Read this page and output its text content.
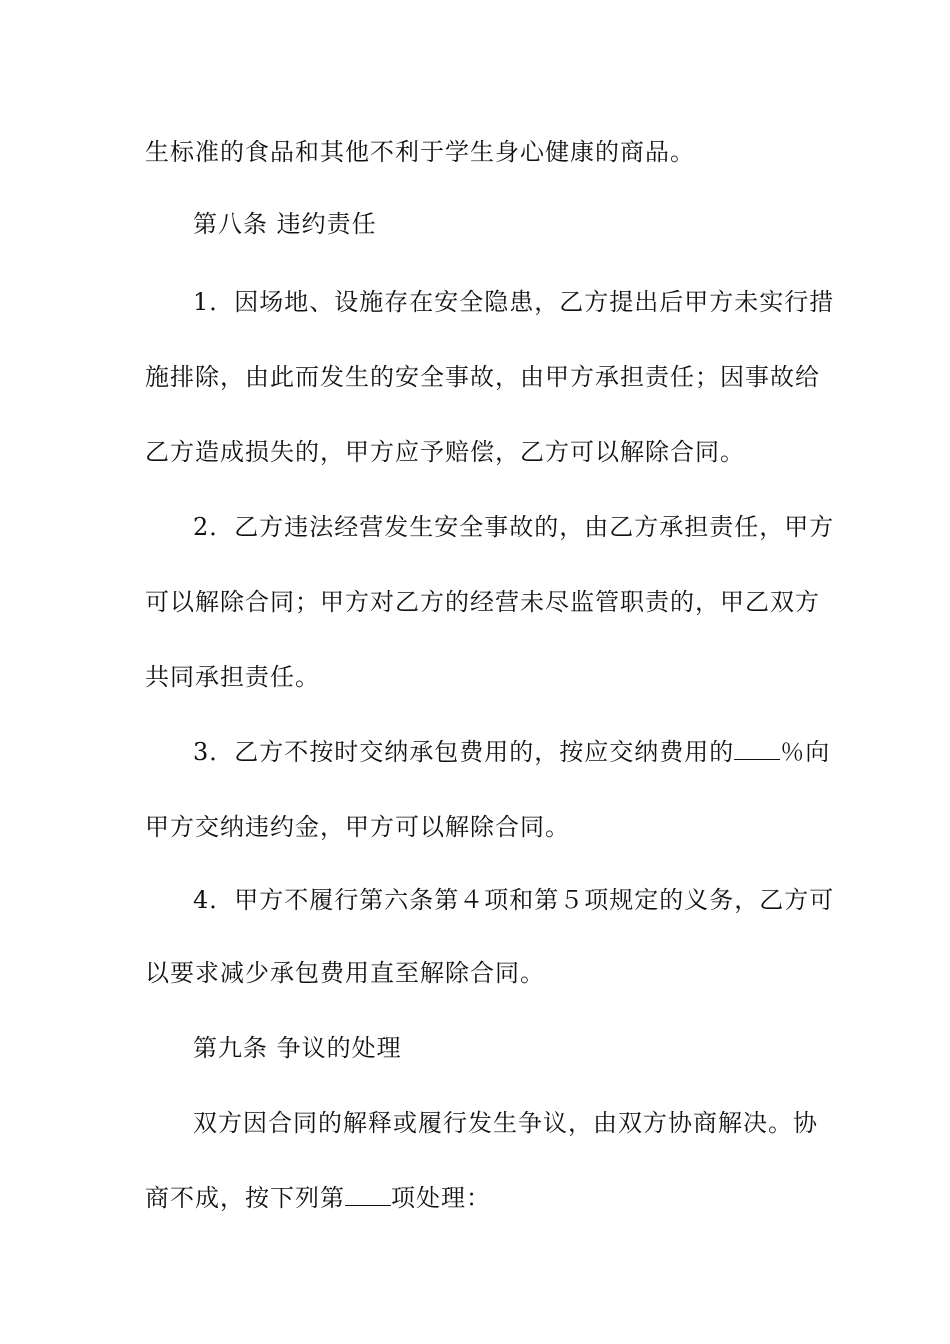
生标准的食品和其他不利于学生身心健康的商品。
第八条 违约责任
1．因场地、设施存在安全隐患，乙方提出后甲方未实行措
施排除，由此而发生的安全事故，由甲方承担责任；因事故给
乙方造成损失的，甲方应予赔偿，乙方可以解除合同。
2．乙方违法经营发生安全事故的，由乙方承担责任，甲方
可以解除合同；甲方对乙方的经营未尽监管职责的，甲乙双方
共同承担责任。
3．乙方不按时交纳承包费用的，按应交纳费用的 ％向
甲方交纳违约金，甲方可以解除合同。
4．甲方不履行第六条第４项和第５项规定的义务，乙方可
以要求减少承包费用直至解除合同。
第九条 争议的处理
双方因合同的解释或履行发生争议，由双方协商解决。协
商不成，按下列第 项处理：
